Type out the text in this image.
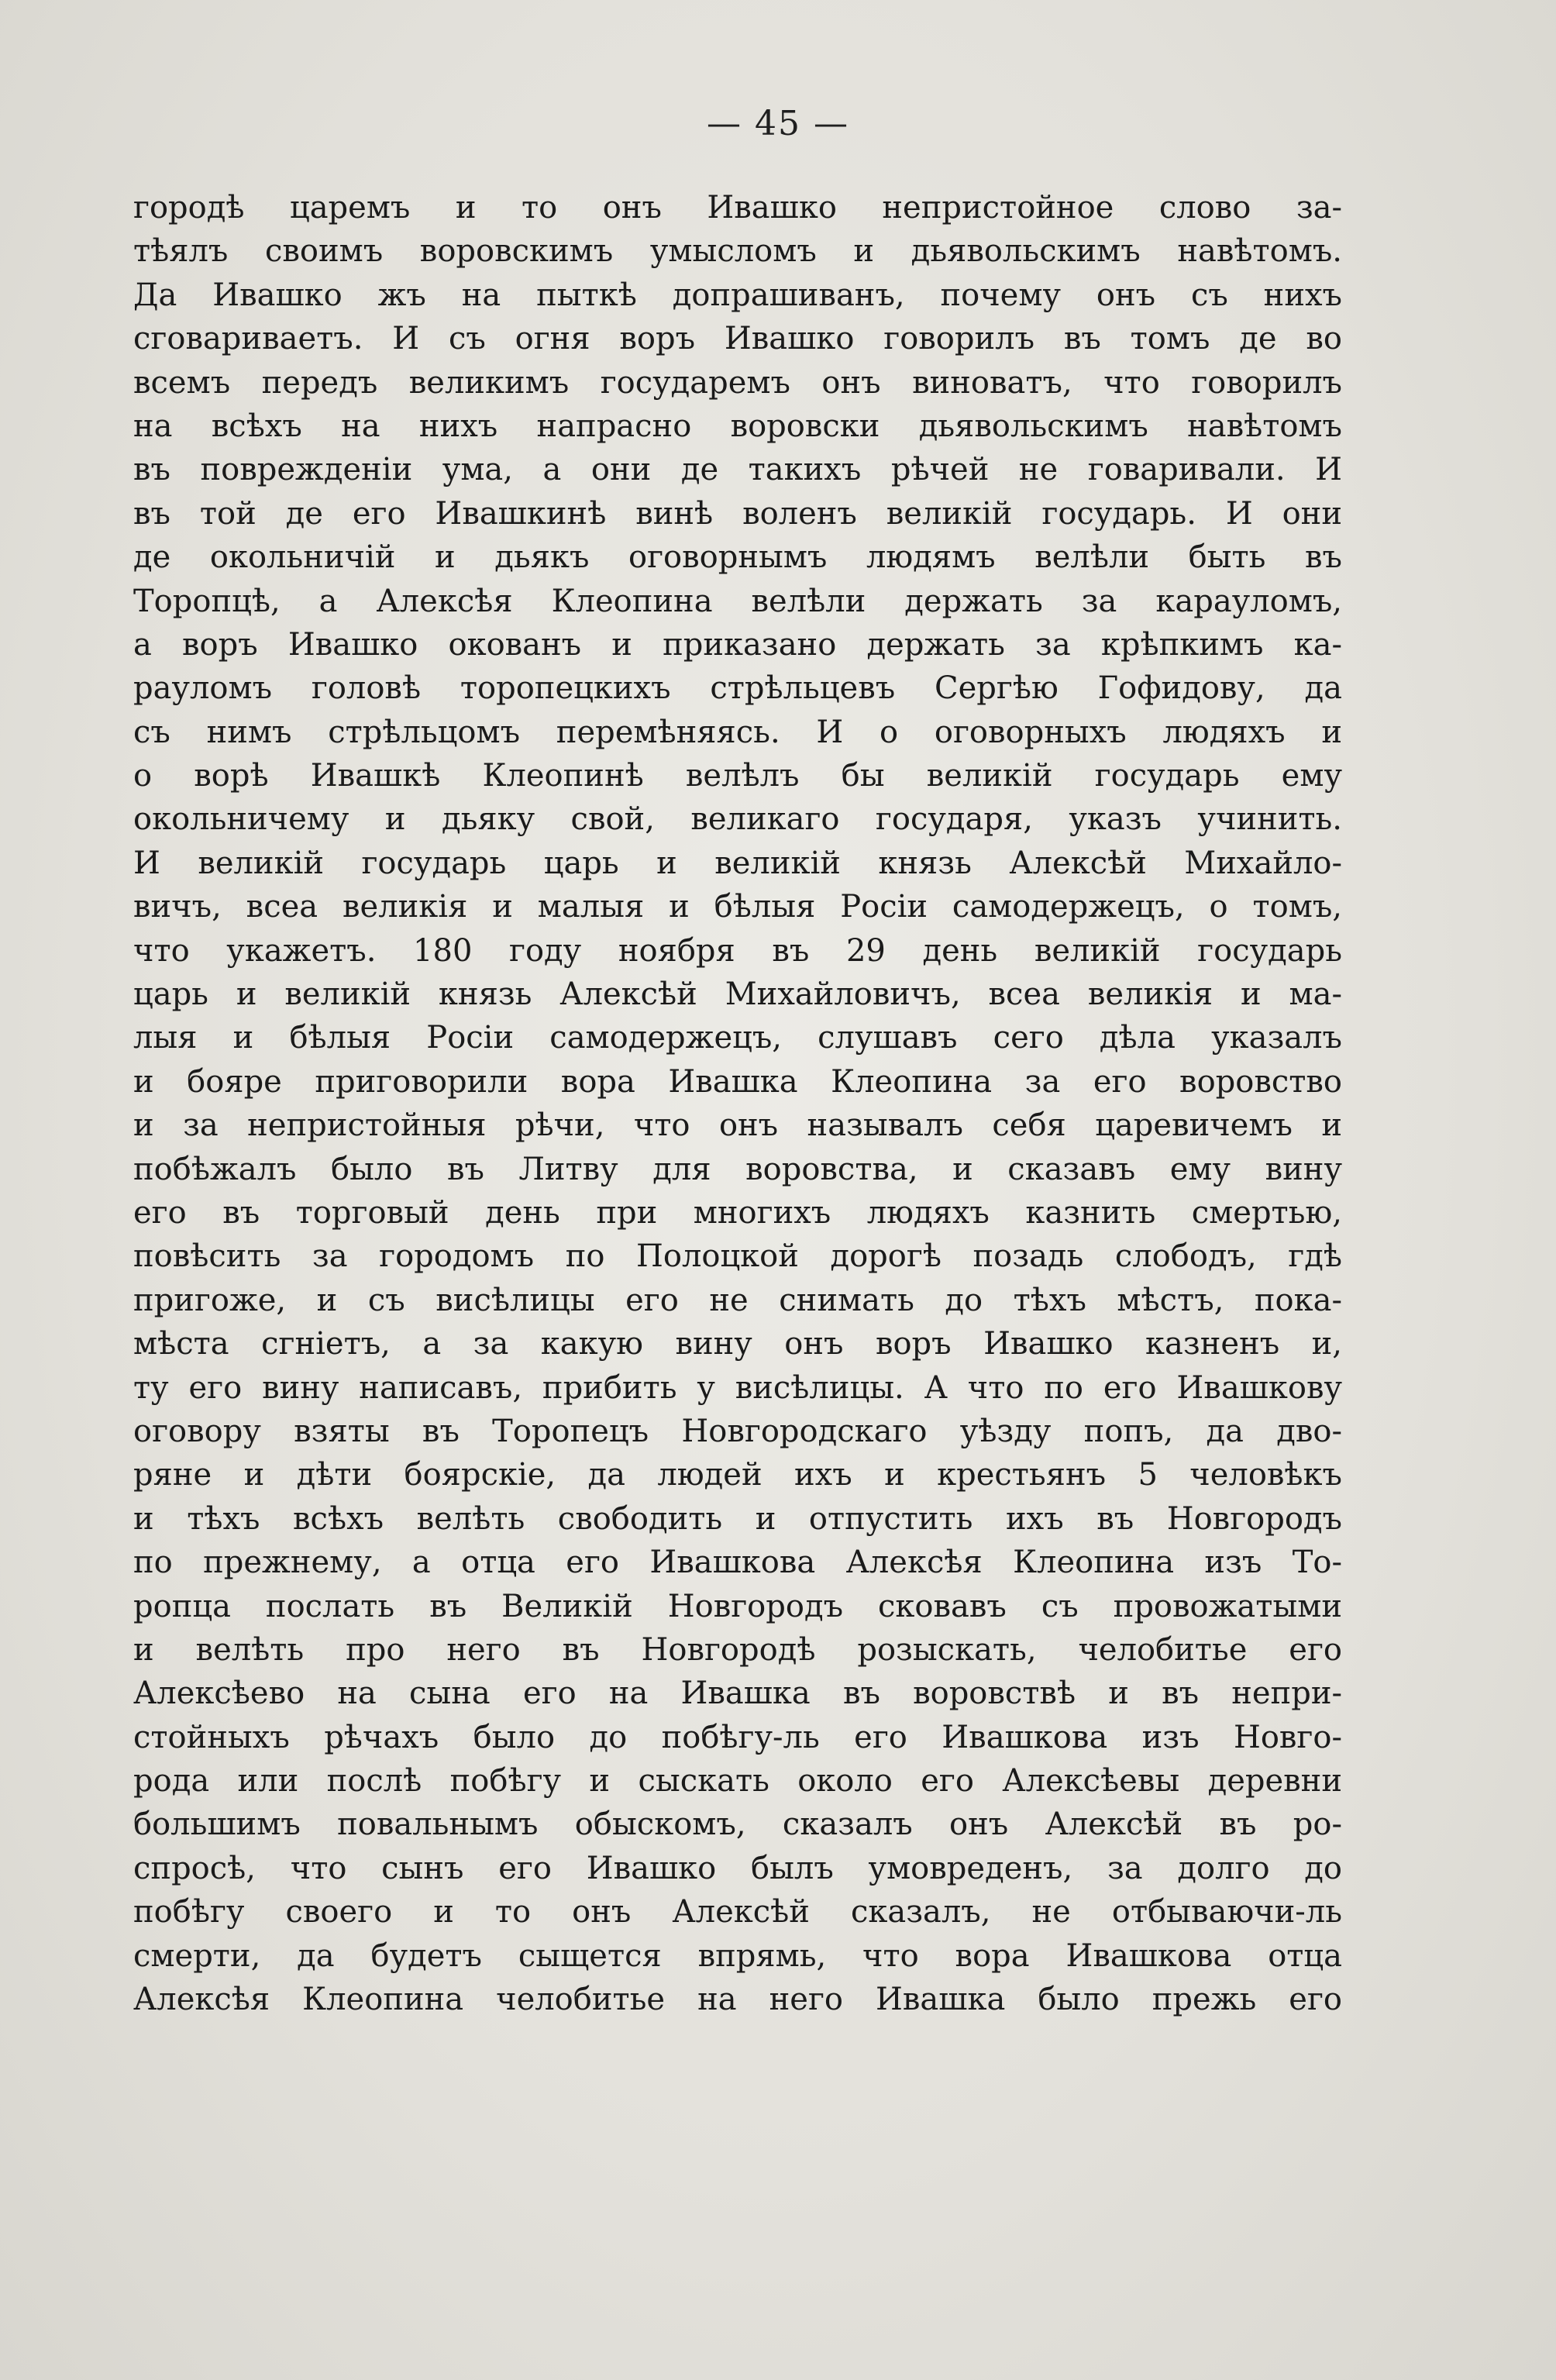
— 45 —
городѣ царемъ и то онъ Ивашко непристойное слово за-
тѣялъ своимъ воровскимъ умысломъ и дьявольскимъ навѣтомъ.
Да Ивашко жъ на пыткѣ допрашиванъ, почему онъ съ нихъ
сговариваетъ. И съ огня воръ Ивашко говорилъ въ томъ де во
всемъ передъ великимъ государемъ онъ виноватъ, что говорилъ
на всѣхъ на нихъ напрасно воровски дьявольскимъ навѣтомъ
въ поврежденіи ума, а они де такихъ рѣчей не говаривали. И
въ той де его Ивашкинѣ винѣ воленъ великій государь. И они
де окольничій и дьякъ оговорнымъ людямъ велѣли быть въ
Торопцѣ, а Алексѣя Клеопина велѣли держать за карауломъ,
а воръ Ивашко окованъ и приказано держать за крѣпкимъ ка-
рауломъ головѣ торопецкихъ стрѣльцевъ Сергѣю Гофидову, да
съ нимъ стрѣльцомъ перемѣняясь. И о оговорныхъ людяхъ и
о ворѣ Ивашкѣ Клеопинѣ велѣлъ бы великій государь ему
окольничему и дьяку свой, великаго государя, указъ учинить.
И великій государь царь и великій князь Алексѣй Михайло-
вичъ, всеа великія и малыя и бѣлыя Росіи самодержецъ, о томъ,
что укажетъ. 180 году ноября въ 29 день великій государь
царь и великій князь Алексѣй Михайловичъ, всеа великія и ма-
лыя и бѣлыя Росіи самодержецъ, слушавъ сего дѣла указалъ
и бояре приговорили вора Ивашка Клеопина за его воровство
и за непристойныя рѣчи, что онъ называлъ себя царевичемъ и
побѣжалъ было въ Литву для воровства, и сказавъ ему вину
его въ торговый день при многихъ людяхъ казнить смертью,
повѣсить за городомъ по Полоцкой дорогѣ позадь слободъ, гдѣ
пригоже, и съ висѣлицы его не снимать до тѣхъ мѣстъ, пока-
мѣста сгніетъ, а за какую вину онъ воръ Ивашко казненъ и,
ту его вину написавъ, прибить у висѣлицы. А что по его Ивашкову
оговору взяты въ Торопецъ Новгородскаго уѣзду попъ, да дво-
ряне и дѣти боярскіе, да людей ихъ и крестьянъ 5 человѣкъ
и тѣхъ всѣхъ велѣть свободить и отпустить ихъ въ Новгородъ
по прежнему, а отца его Ивашкова Алексѣя Клеопина изъ То-
ропца послать въ Великій Новгородъ сковавъ съ провожатыми
и велѣть про него въ Новгородѣ розыскать, челобитье его
Алексѣево на сына его на Ивашка въ воровствѣ и въ непри-
стойныхъ рѣчахъ было до побѣгу-ль его Ивашкова изъ Новго-
рода или послѣ побѣгу и сыскать около его Алексѣевы деревни
большимъ повальнымъ обыскомъ, сказалъ онъ Алексѣй въ ро-
спросѣ, что сынъ его Ивашко былъ умовреденъ, за долго до
побѣгу своего и то онъ Алексѣй сказалъ, не отбываючи-ль
смерти, да будетъ сыщется впрямь, что вора Ивашкова отца
Алексѣя Клеопина челобитье на него Ивашка было прежь его
